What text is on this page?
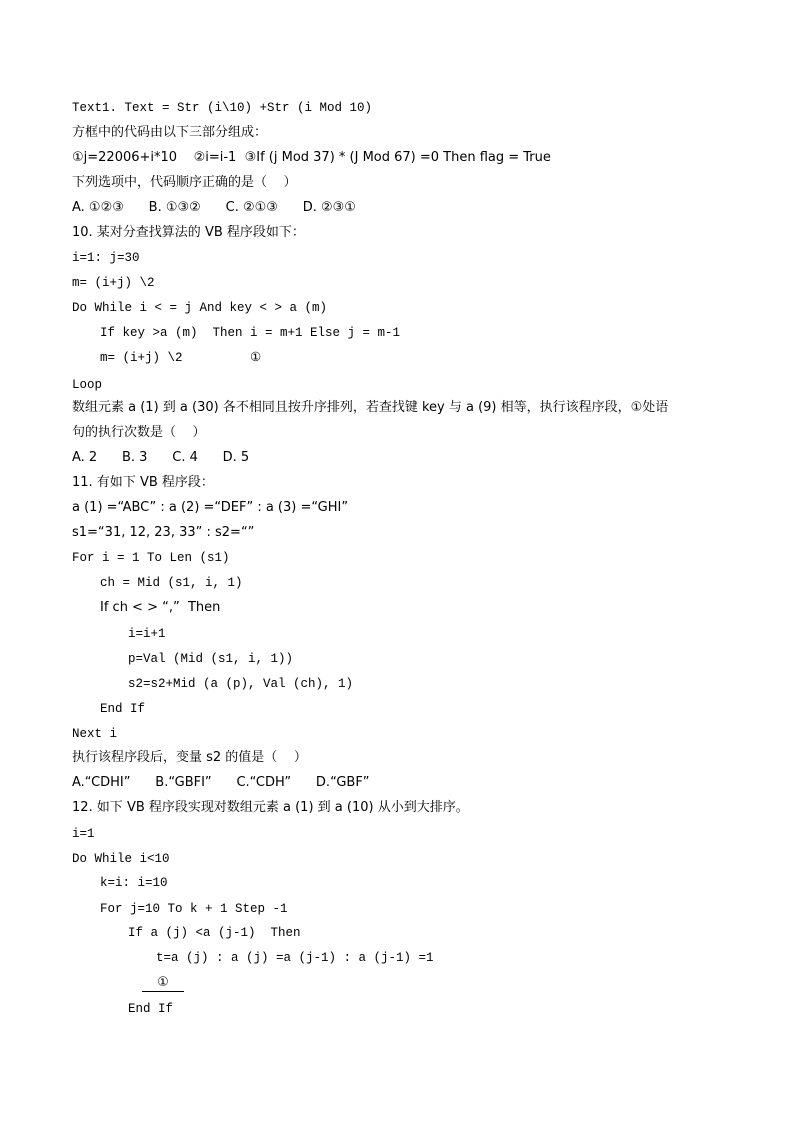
Text1. Text = Str (i\10) +Str (i Mod 10)
方框中的代码由以下三部分组成：
①j=22006+i*10    ②i=i-1  ③If (j Mod 37) * (J Mod 67) =0 Then flag = True
下列选项中，代码顺序正确的是（    ）
A. ①②③      B. ①③②      C. ②①③      D. ②③①
10. 某对分查找算法的 VB 程序段如下：
i=1: j=30
m= (i+j) \2
Do While i < = j And key < > a (m)
If key >a (m)  Then i = m+1 Else j = m-1
m= (i+j) \2         ①
Loop
数组元素 a (1) 到 a (30) 各不相同且按升序排列，若查找键 key 与 a (9) 相等，执行该程序段，①处语
句的执行次数是（    ）
A. 2      B. 3      C. 4      D. 5
11. 有如下 VB 程序段：
a (1) =“ABC” : a (2) =“DEF” : a (3) =“GHI”
s1=“31, 12, 23, 33” : s2=“”
For i = 1 To Len (s1)
ch = Mid (s1, i, 1)
If ch < > “,”  Then
i=i+1
p=Val (Mid (s1, i, 1))
s2=s2+Mid (a (p), Val (ch), 1)
End If
Next i
执行该程序段后，变量 s2 的值是（    ）
A.“CDHI”      B.“GBFI”      C.“CDH”      D.“GBF”
12. 如下 VB 程序段实现对数组元素 a (1) 到 a (10) 从小到大排序。
i=1
Do While i<10
k=i: i=10
For j=10 To k + 1 Step -1
If a (j) <a (j-1)  Then
t=a (j) : a (j) =a (j-1) : a (j-1) =1
①
End If
